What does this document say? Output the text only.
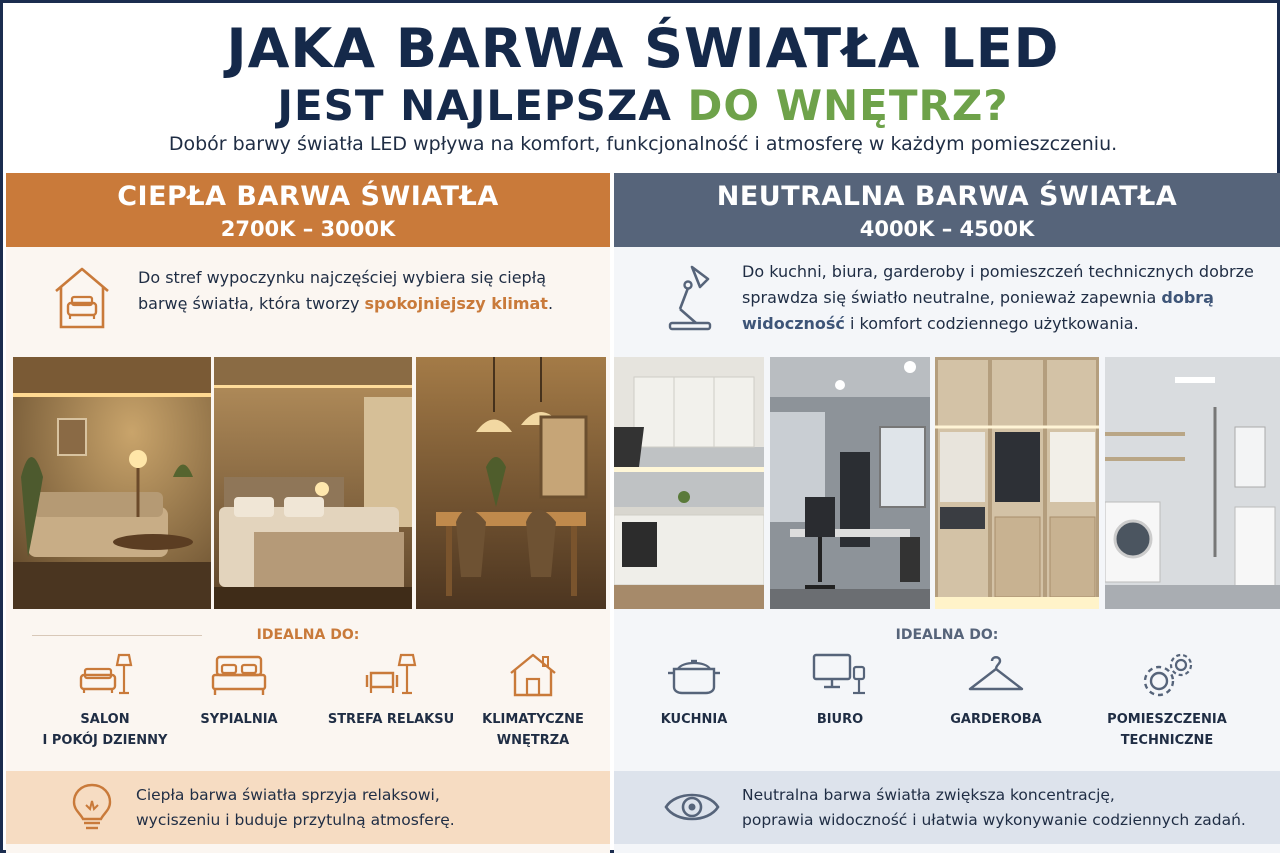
JAKA BARWA ŚWIATŁA LED
JEST NAJLEPSZA DO WNĘTRZ?
Dobór barwy światła LED wpływa na komfort, funkcjonalność i atmosferę w każdym pomieszczeniu.
CIEPŁA BARWA ŚWIATŁA
2700K – 3000K

Do stref wypoczynku najczęściej wybiera się ciepłą barwę światła, która tworzy spokojniejszy klimat.

IDEALNA DO:
SALON
I POKÓJ DZIENNY
SYPIALNIA	STREFA RELAKSU	KLIMATYCZNE
WNĘTRZA

Ciepła barwa światła sprzyja relaksowi,
wyciszeniu i buduje przytulną atmosferę.

NEUTRALNA BARWA ŚWIATŁA
4000K – 4500K

Do kuchni, biura, garderoby i pomieszczeń technicznych dobrze sprawdza się światło neutralne, ponieważ zapewnia dobrą widoczność i komfort codziennego użytkowania.

IDEALNA DO:
KUCHNIA	BIURO	GARDEROBA	POMIESZCZENIA
TECHNICZNE

Neutralna barwa światła zwiększa koncentrację,
poprawia widoczność i ułatwia wykonywanie codziennych zadań.
